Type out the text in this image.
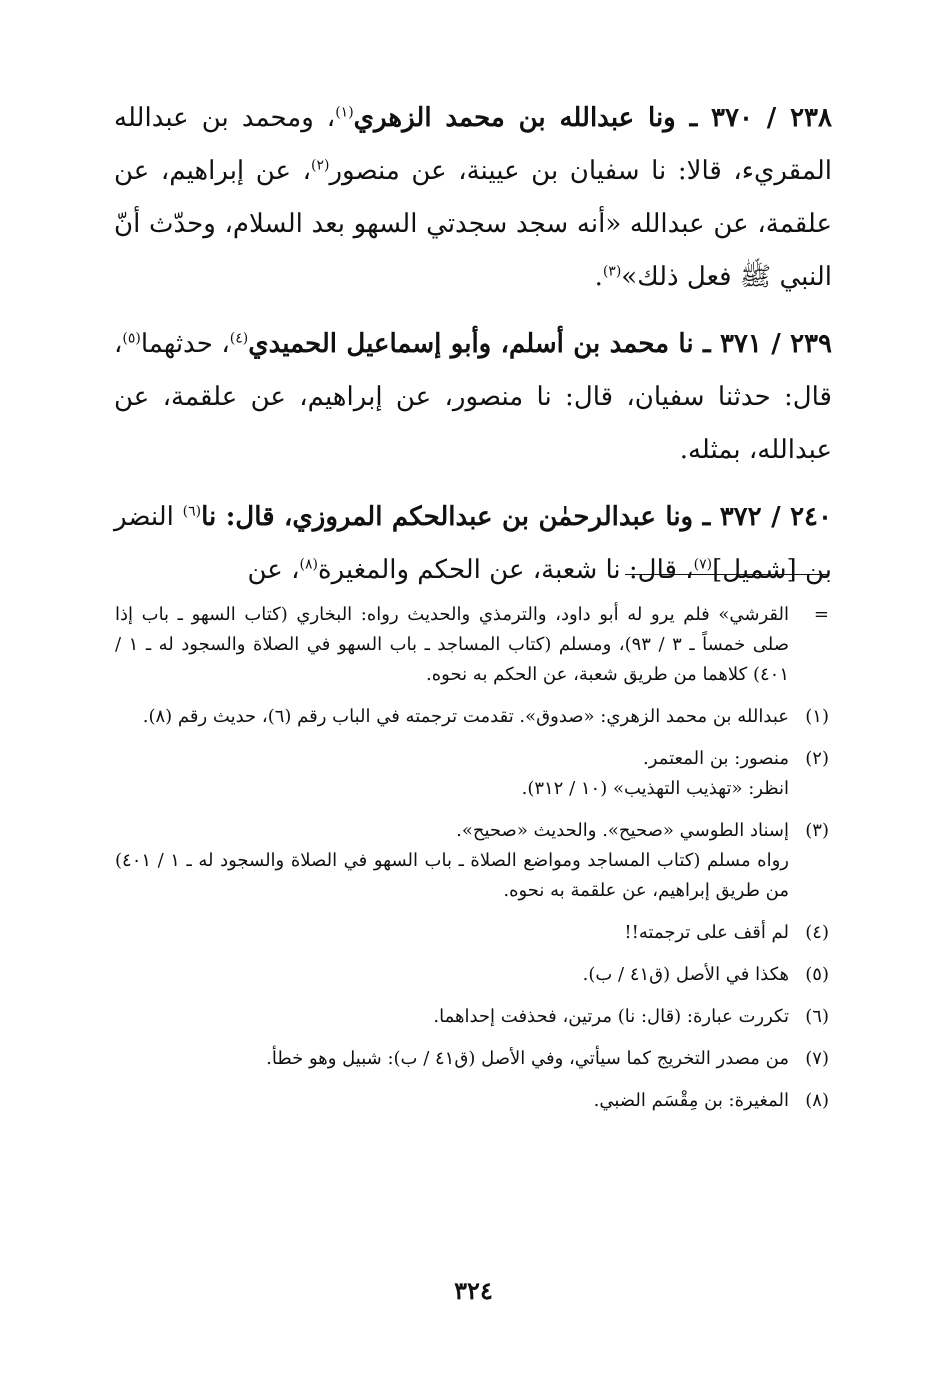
٢٣٨ / ٣٧٠ ـ ونا عبدالله بن محمد الزهري$^{(١)}$، ومحمد بن عبدالله المقريء، قالا: نا سفيان بن عيينة، عن منصور$^{(٢)}$، عن إبراهيم، عن علقمة، عن عبدالله «أنه سجد سجدتي السهو بعد السلام، وحدّث أنّ النبي ﷺ فعل ذلك»$^{(٣)}$.

٢٣٩ / ٣٧١ ـ نا محمد بن أسلم، وأبو إسماعيل الحميدي$^{(٤)}$، حدثهما$^{(٥)}$، قال: حدثنا سفيان، قال: نا منصور، عن إبراهيم، عن علقمة، عن عبدالله، بمثله.

٢٤٠ / ٣٧٢ ـ ونا عبدالرحمٰن بن عبدالحكم المروزي، قال: نا$^{(٦)}$ النضر بن [شميل]$^{(٧)}$، قال: نا شعبة، عن الحكم والمغيرة$^{(٨)}$، عن

=
القرشي» فلم يرو له أبو داود، والترمذي والحديث رواه: البخاري (كتاب السهو ـ باب إذا صلى خمساً ـ ٣ / ٩٣)، ومسلم (كتاب المساجد ـ باب السهو في الصلاة والسجود له ـ ١ / ٤٠١) كلاهما من طريق شعبة، عن الحكم به نحوه.
(١)
عبدالله بن محمد الزهري: «صدوق». تقدمت ترجمته في الباب رقم (٦)، حديث رقم (٨).
(٢)
منصور: بن المعتمر.
انظر: «تهذيب التهذيب» (١٠ / ٣١٢).
(٣)
إسناد الطوسي «صحيح». والحديث «صحيح».
رواه مسلم (كتاب المساجد ومواضع الصلاة ـ باب السهو في الصلاة والسجود له ـ ١ / ٤٠١) من طريق إبراهيم، عن علقمة به نحوه.
(٤)
لم أقف على ترجمته!!
(٥)
هكذا في الأصل (ق٤١ / ب).
(٦)
تكررت عبارة: (قال: نا) مرتين، فحذفت إحداهما.
(٧)
من مصدر التخريج كما سيأتي، وفي الأصل (ق٤١ / ب): شبيل وهو خطأ.
(٨)
المغيرة: بن مِقْسَم الضبي.
٣٢٤
